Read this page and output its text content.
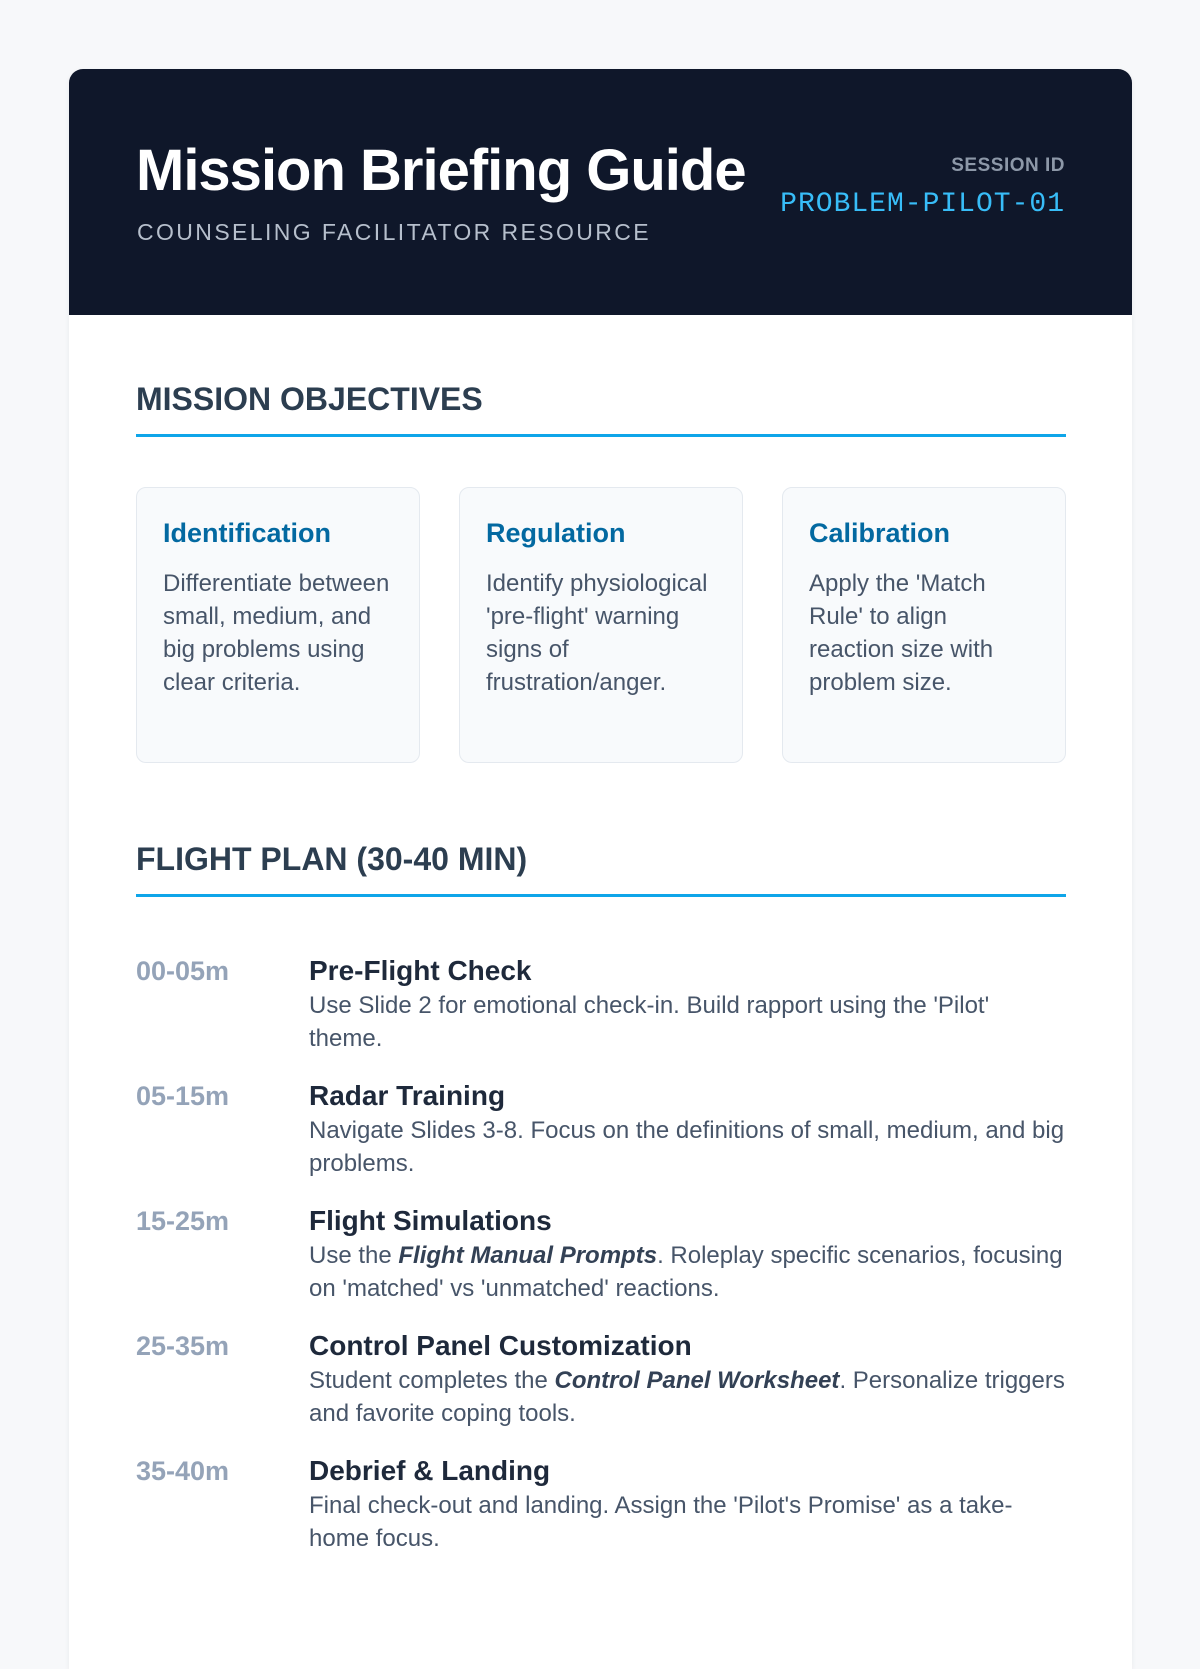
Mission Briefing Guide
COUNSELING FACILITATOR RESOURCE
SESSION ID
PROBLEM-PILOT-01
MISSION OBJECTIVES
Identification

Differentiate between small, medium, and big problems using clear criteria.

Regulation

Identify physiological 'pre-flight' warning signs of frustration/anger.

Calibration

Apply the 'Match Rule' to align reaction size with problem size.

FLIGHT PLAN (30-40 MIN)
00-05m	Pre-Flight Check
Use Slide 2 for emotional check-in. Build rapport using the 'Pilot' theme.
05-15m	Radar Training
Navigate Slides 3-8. Focus on the definitions of small, medium, and big problems.
15-25m	Flight Simulations
Use the Flight Manual Prompts. Roleplay specific scenarios, focusing on 'matched' vs 'unmatched' reactions.
25-35m	Control Panel Customization
Student completes the Control Panel Worksheet. Personalize triggers and favorite coping tools.
35-40m	Debrief & Landing
Final check-out and landing. Assign the 'Pilot's Promise' as a take-home focus.
